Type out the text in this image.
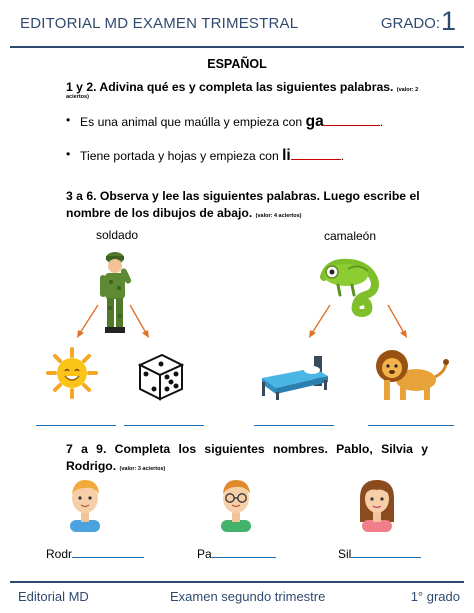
EDITORIAL MD EXAMEN TRIMESTRAL	GRADO: 1
ESPAÑOL
1 y 2. Adivina qué es y completa las siguientes palabras. (valor: 2
aciertos)
• Es una animal que maúlla y empieza con ga	.
• Tiene portada y hojas y empieza con li	.
3 a 6. Observa y lee las siguientes palabras. Luego escribe el
nombre de los dibujos de abajo. (valor: 4 aciertos)
soldado	camaleón
7 a 9. Completa los siguientes nombres. Pablo, Silvia y
Rodrigo. (valor: 3 aciertos)
Rodr	Pa	Sil
Editorial MD	Examen segundo trimestre	1° grado
